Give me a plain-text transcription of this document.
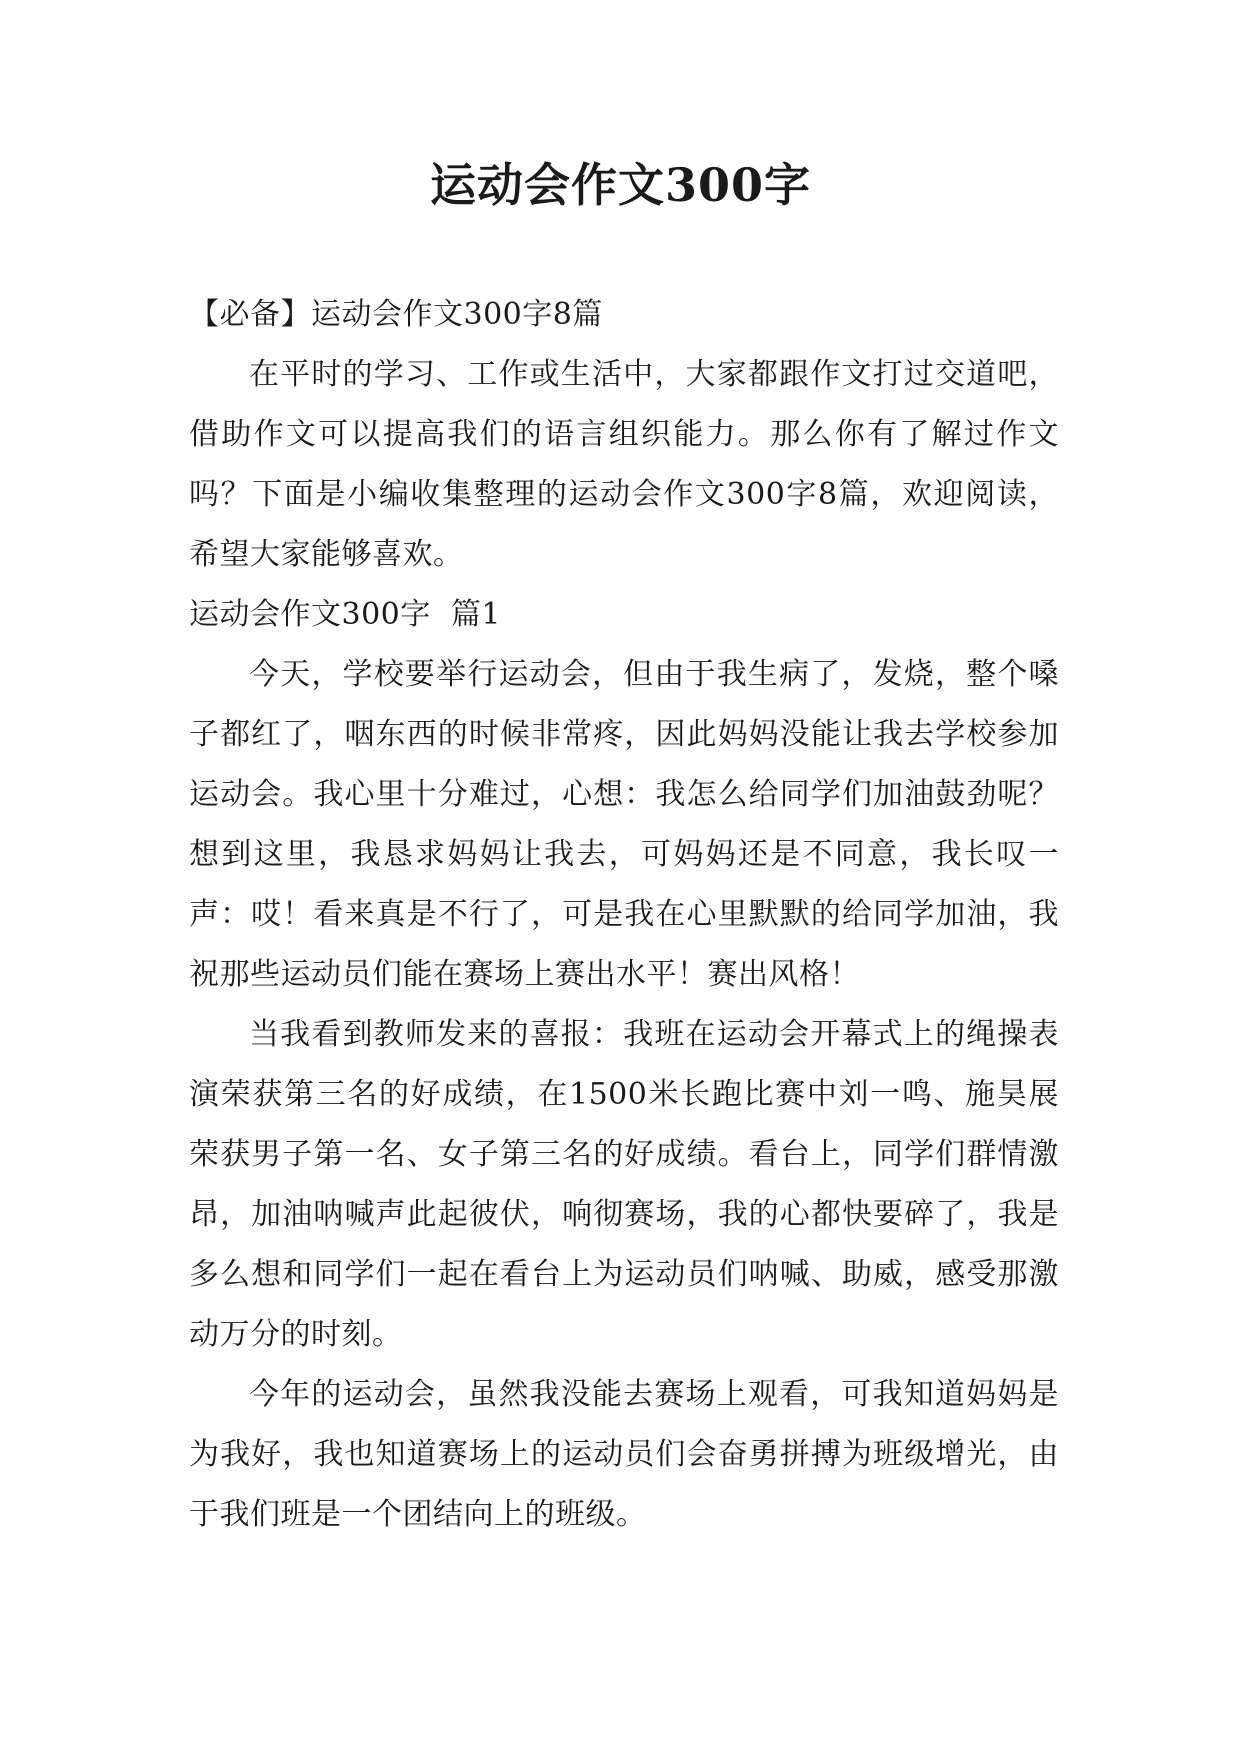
运动会作文300字

【必备】运动会作文300字8篇

在平时的学习、工作或生活中，大家都跟作文打过交道吧，借助作文可以提高我们的语言组织能力。那么你有了解过作文吗？下面是小编收集整理的运动会作文300字8篇，欢迎阅读，希望大家能够喜欢。

运动会作文300字  篇1

今天，学校要举行运动会，但由于我生病了，发烧，整个嗓子都红了，咽东西的时候非常疼，因此妈妈没能让我去学校参加运动会。我心里十分难过，心想：我怎么给同学们加油鼓劲呢？想到这里，我恳求妈妈让我去，可妈妈还是不同意，我长叹一声：哎！看来真是不行了，可是我在心里默默的给同学加油，我祝那些运动员们能在赛场上赛出水平！赛出风格！

当我看到教师发来的喜报：我班在运动会开幕式上的绳操表演荣获第三名的好成绩，在1500米长跑比赛中刘一鸣、施昊展荣获男子第一名、女子第三名的好成绩。看台上，同学们群情激昂，加油呐喊声此起彼伏，响彻赛场，我的心都快要碎了，我是多么想和同学们一起在看台上为运动员们呐喊、助威，感受那激动万分的时刻。

今年的运动会，虽然我没能去赛场上观看，可我知道妈妈是为我好，我也知道赛场上的运动员们会奋勇拼搏为班级增光，由于我们班是一个团结向上的班级。
